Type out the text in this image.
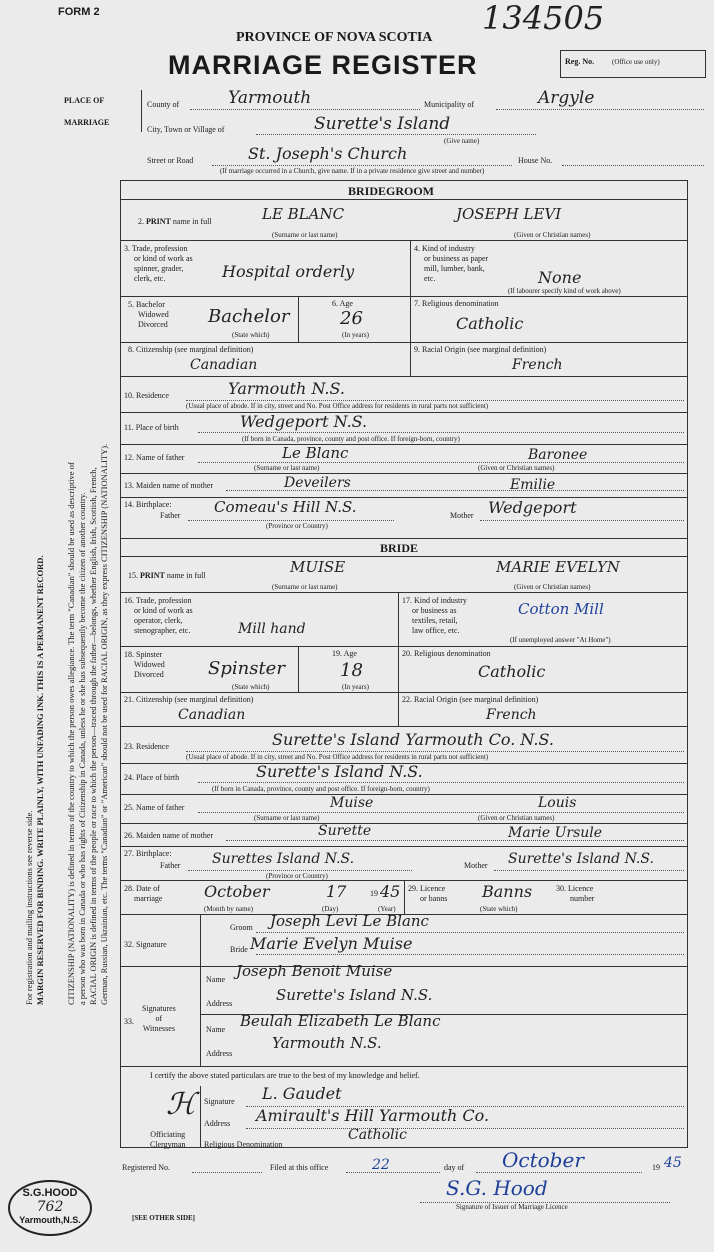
For registration and mailing instructions see reverse side. MARGIN RESERVED FOR BINDING. WRITE PLAINLY, WITH UNFADING INK. THIS IS A PERMANENT RECORD. CITIZENSHIP (NATIONALITY) is defined in terms of the country to which the person owes allegiance. The term "Canadian" should be used as descriptive of a person who was born in Canada or who has rights of Citizenship in Canada, unless he or she has subsequently become the citizen of another country. RACIAL ORIGIN is defined in terms of the people or race to which the person—traced through the father—belongs, whether English, Irish, Scottish, French, German, Russian, Ukrainian, etc. The terms "Canadian" or "American" should not be used for RACIAL ORIGIN, as they express CITIZENSHIP (NATIONALITY).
FORM 2	134505
PROVINCE OF NOVA SCOTIA
MARRIAGE REGISTER	Reg. No.	(Office use only)
PLACE OF
MARRIAGE
County of	Yarmouth	Municipality of	Argyle
City, Town or Village of	Surette's Island
(Give name)
Street or Road	St. Joseph's Church	House No.
(If marriage occurred in a Church, give name. If in a private residence give street and number)
BRIDEGROOM
2. PRINT name in full	LE BLANC	JOSEPH LEVI
(Surname or last name)	(Given or Christian names)
3. Trade, profession
or kind of work as
spinner, grader,
clerk, etc.	Hospital orderly
4. Kind of industry
or business as paper
mill, lumber, bank,
etc.	None
(If labourer specify kind of work above)
5. Bachelor
Widowed
Divorced Bachelor
(State which)
6. Age
26
(In years)
7. Religious denomination
Catholic
8. Citizenship (see marginal definition)
Canadian
9. Racial Origin (see marginal definition)
French
10. Residence	Yarmouth N.S.
(Usual place of abode. If in city, street and No. Post Office address for residents in rural parts not sufficient)
11. Place of birth	Wedgeport N.S.
(If born in Canada, province, county and post office. If foreign-born, country)
12. Name of father	Le Blanc	Baronee
(Surname or last name)	(Given or Christian names)
13. Maiden name of mother	Deveilers	Emilie
14. Birthplace:
Father Comeau's Hill N.S.
(Province or Country)
Mother Wedgeport
BRIDE
15. PRINT name in full	MUISE	MARIE EVELYN
(Surname or last name)	(Given or Christian names)
16. Trade, profession
or kind of work as
operator, clerk,
stenographer, etc.	Mill hand
17. Kind of industry
or business as
textiles, retail,
law office, etc.
Cotton Mill
(If unemployed answer "At Home")
18. Spinster
Widowed
Divorced Spinster
(State which)
19. Age
18
(In years)
20. Religious denomination
Catholic
21. Citizenship (see marginal definition)
Canadian
22. Racial Origin (see marginal definition)
French
23. Residence	Surette's Island Yarmouth Co. N.S.
(Usual place of abode. If in city, street and No. Post Office address for residents in rural parts not sufficient)
24. Place of birth	Surette's Island N.S.
(If born in Canada, province, county and post office. If foreign-born, country)
25. Name of father	Muise	Louis
(Surname or last name)	(Given or Christian names)
26. Maiden name of mother	Surette	Marie Ursule
27. Birthplace:
Father Surettes Island N.S.
(Province or Country)
Mother Surette's Island N.S.
28. Date of
marriage	October	17	19 45
(Month by name)	(Day)	(Year)
29. Licence
or banns Banns
(State which)
30. Licence
number
32. Signature
Groom Joseph Levi Le Blanc
Bride Marie Evelyn Muise
33.
Signatures
of
Witnesses
Name Joseph Benoit Muise
Address	Surette's Island N.S.
Name Beulah Elizabeth Le Blanc
Address
Yarmouth N.S.
I certify the above stated particulars are true to the best of my knowledge and belief.
ℋ
Officiating
Clergyman
Signature L. Gaudet
Address Amirault's Hill Yarmouth Co.
Religious Denomination
Catholic
Registered No.	Filed at this office	22	day of October	19 45
S.G. Hood
Signature of Issuer of Marriage Licence
[SEE OTHER SIDE]
S.G.HOOD
762
Yarmouth,N.S.
